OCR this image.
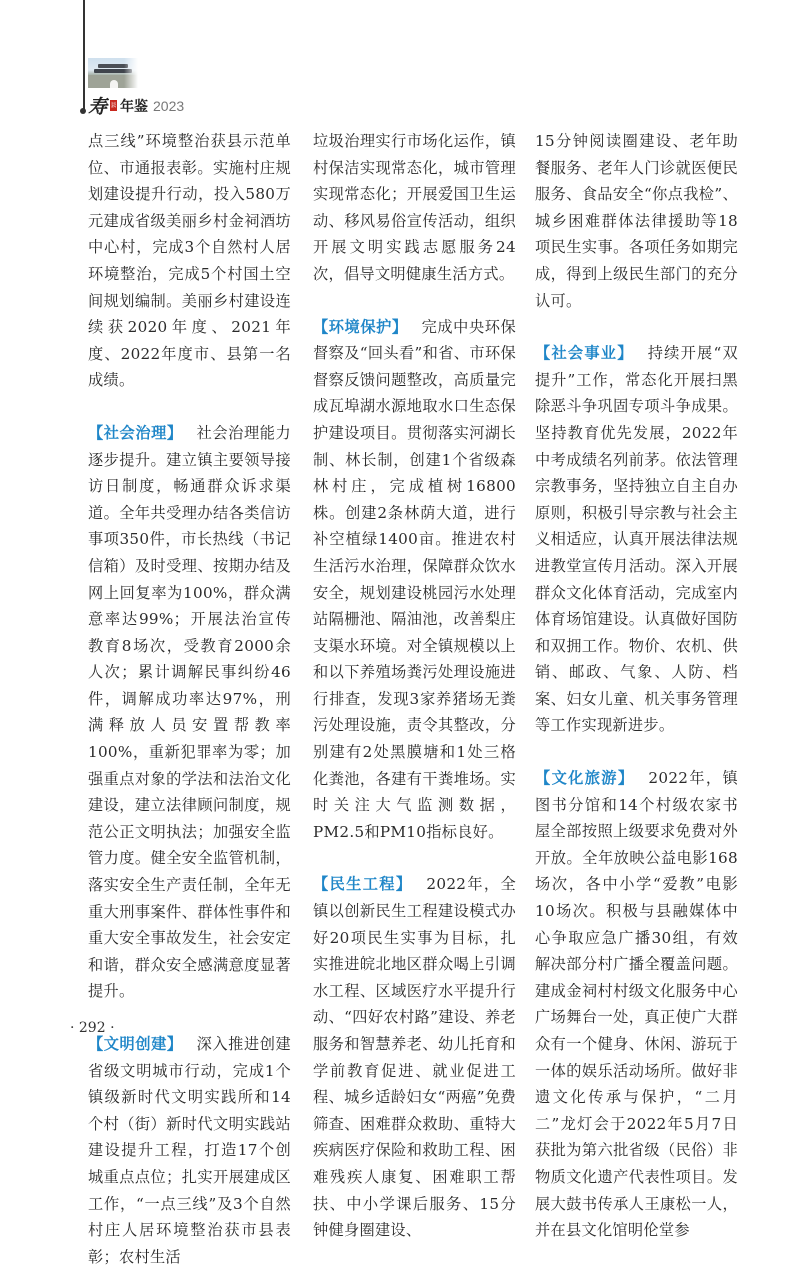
寿 县 年鉴 2023

点三线”环境整治获县示范单位、市通报表彰。实施村庄规划建设提升行动，投入580万元建成省级美丽乡村金祠酒坊中心村，完成3个自然村人居环境整治，完成5个村国土空间规划编制。美丽乡村建设连续获2020年度、2021年度、2022年度市、县第一名成绩。

【社会治理】 社会治理能力逐步提升。建立镇主要领导接访日制度，畅通群众诉求渠道。全年共受理办结各类信访事项350件，市长热线（书记信箱）及时受理、按期办结及网上回复率为100%，群众满意率达99%；开展法治宣传教育8场次，受教育2000余人次；累计调解民事纠纷46件，调解成功率达97%，刑满释放人员安置帮教率100%，重新犯罪率为零；加强重点对象的学法和法治文化建设，建立法律顾问制度，规范公正文明执法；加强安全监管力度。健全安全监管机制，落实安全生产责任制，全年无重大刑事案件、群体性事件和重大安全事故发生，社会安定和谐，群众安全感满意度显著提升。

【文明创建】 深入推进创建省级文明城市行动，完成1个镇级新时代文明实践所和14个村（街）新时代文明实践站建设提升工程，打造17个创城重点点位；扎实开展建成区工作，“一点三线”及3个自然村庄人居环境整治获市县表彰；农村生活

垃圾治理实行市场化运作，镇村保洁实现常态化，城市管理实现常态化；开展爱国卫生运动、移风易俗宣传活动，组织开展文明实践志愿服务24次，倡导文明健康生活方式。

【环境保护】 完成中央环保督察及“回头看”和省、市环保督察反馈问题整改，高质量完成瓦埠湖水源地取水口生态保护建设项目。贯彻落实河湖长制、林长制，创建1个省级森林村庄，完成植树16800株。创建2条林荫大道，进行补空植绿1400亩。推进农村生活污水治理，保障群众饮水安全，规划建设桃园污水处理站隔栅池、隔油池，改善梨庄支渠水环境。对全镇规模以上和以下养殖场粪污处理设施进行排查，发现3家养猪场无粪污处理设施，责令其整改，分别建有2处黑膜塘和1处三格化粪池，各建有干粪堆场。实时关注大气监测数据，PM2.5和PM10指标良好。

【民生工程】 2022年，全镇以创新民生工程建设模式办好20项民生实事为目标，扎实推进皖北地区群众喝上引调水工程、区域医疗水平提升行动、“四好农村路”建设、养老服务和智慧养老、幼儿托育和学前教育促进、就业促进工程、城乡适龄妇女“两癌”免费筛查、困难群众救助、重特大疾病医疗保险和救助工程、困难残疾人康复、困难职工帮扶、中小学课后服务、15分钟健身圈建设、

15分钟阅读圈建设、老年助餐服务、老年人门诊就医便民服务、食品安全“你点我检”、城乡困难群体法律援助等18项民生实事。各项任务如期完成，得到上级民生部门的充分认可。

【社会事业】 持续开展“双提升”工作，常态化开展扫黑除恶斗争巩固专项斗争成果。坚持教育优先发展，2022年中考成绩名列前茅。依法管理宗教事务，坚持独立自主自办原则，积极引导宗教与社会主义相适应，认真开展法律法规进教堂宣传月活动。深入开展群众文化体育活动，完成室内体育场馆建设。认真做好国防和双拥工作。物价、农机、供销、邮政、气象、人防、档案、妇女儿童、机关事务管理等工作实现新进步。

【文化旅游】 2022年，镇图书分馆和14个村级农家书屋全部按照上级要求免费对外开放。全年放映公益电影168场次，各中小学“爱教”电影10场次。积极与县融媒体中心争取应急广播30组，有效解决部分村广播全覆盖问题。建成金祠村村级文化服务中心广场舞台一处，真正使广大群众有一个健身、休闲、游玩于一体的娱乐活动场所。做好非遗文化传承与保护，“二月二”龙灯会于2022年5月7日获批为第六批省级（民俗）非物质文化遗产代表性项目。发展大鼓书传承人王康松一人，并在县文化馆明伦堂参

· 292 ·
